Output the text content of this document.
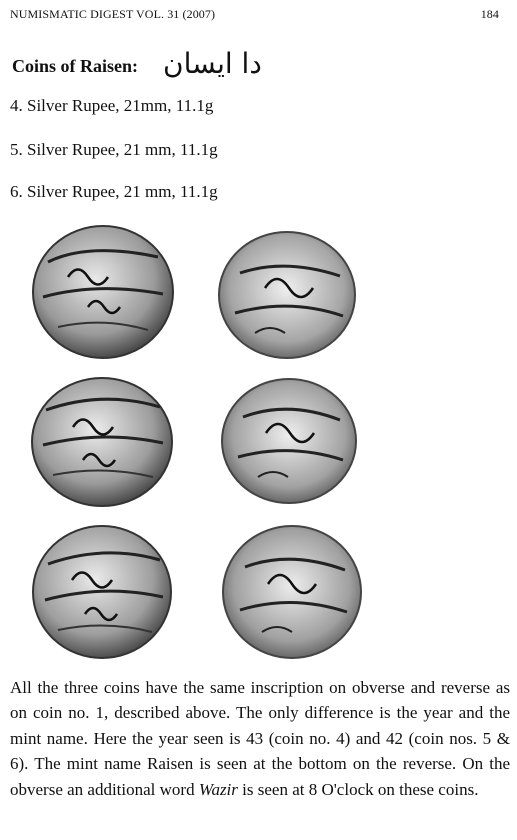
NUMISMATIC DIGEST VOL. 31 (2007)	184
Coins of Raisen: دا ایسان
4. Silver Rupee, 21mm, 11.1g
5. Silver Rupee, 21 mm, 11.1g
6. Silver Rupee, 21 mm, 11.1g

All the three coins have the same inscription on obverse and reverse as on coin no. 1, described above. The only difference is the year and the mint name. Here the year seen is 43 (coin no. 4) and 42 (coin nos. 5 & 6). The mint name Raisen is seen at the bottom on the reverse. On the obverse an additional word Wazir is seen at 8 O'clock on these coins.
